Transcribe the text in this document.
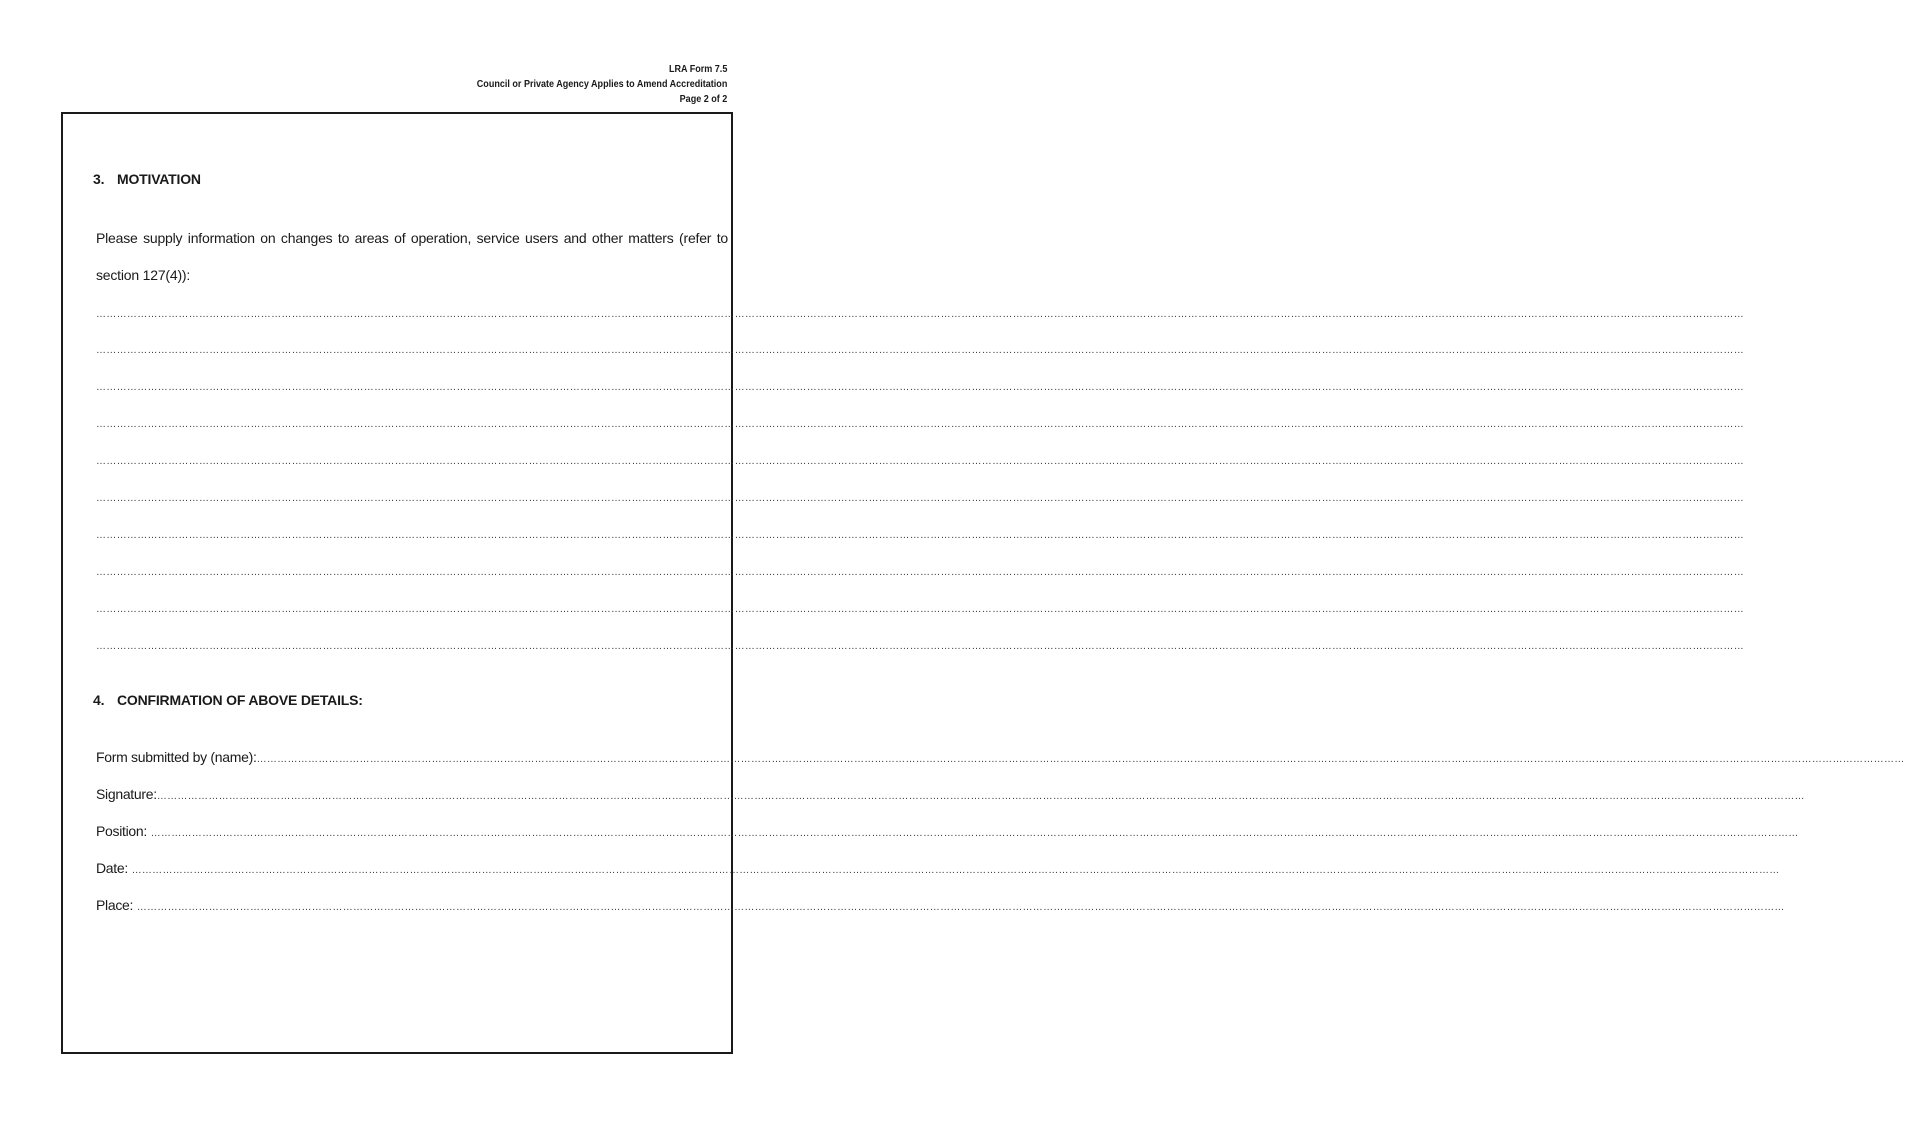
LRA Form 7.5
Council or Private Agency Applies to Amend Accreditation
Page 2 of 2
3. MOTIVATION
Please supply information on changes to areas of operation, service users and other matters (refer to
section 127(4)):
…………………………………………………………………………………………………………………………………………………………………………………………………………………………………………………………………………………………………………………………………………………………………………………………………………………………………………
…………………………………………………………………………………………………………………………………………………………………………………………………………………………………………………………………………………………………………………………………………………………………………………………………………………………………………
…………………………………………………………………………………………………………………………………………………………………………………………………………………………………………………………………………………………………………………………………………………………………………………………………………………………………………
…………………………………………………………………………………………………………………………………………………………………………………………………………………………………………………………………………………………………………………………………………………………………………………………………………………………………………
…………………………………………………………………………………………………………………………………………………………………………………………………………………………………………………………………………………………………………………………………………………………………………………………………………………………………………
…………………………………………………………………………………………………………………………………………………………………………………………………………………………………………………………………………………………………………………………………………………………………………………………………………………………………………
…………………………………………………………………………………………………………………………………………………………………………………………………………………………………………………………………………………………………………………………………………………………………………………………………………………………………………
…………………………………………………………………………………………………………………………………………………………………………………………………………………………………………………………………………………………………………………………………………………………………………………………………………………………………………
…………………………………………………………………………………………………………………………………………………………………………………………………………………………………………………………………………………………………………………………………………………………………………………………………………………………………………
…………………………………………………………………………………………………………………………………………………………………………………………………………………………………………………………………………………………………………………………………………………………………………………………………………………………………………
4. CONFIRMATION OF ABOVE DETAILS:
Form submitted by (name):…………………………………………………………………………………………………………………………………………………………………………………………………………………………………………………………………………………………………………………………………………………………………………………………………………………………………………
Signature:…………………………………………………………………………………………………………………………………………………………………………………………………………………………………………………………………………………………………………………………………………………………………………………………………………………………………………
Position: …………………………………………………………………………………………………………………………………………………………………………………………………………………………………………………………………………………………………………………………………………………………………………………………………………………………………………
Date: …………………………………………………………………………………………………………………………………………………………………………………………………………………………………………………………………………………………………………………………………………………………………………………………………………………………………………
Place: …………………………………………………………………………………………………………………………………………………………………………………………………………………………………………………………………………………………………………………………………………………………………………………………………………………………………………
